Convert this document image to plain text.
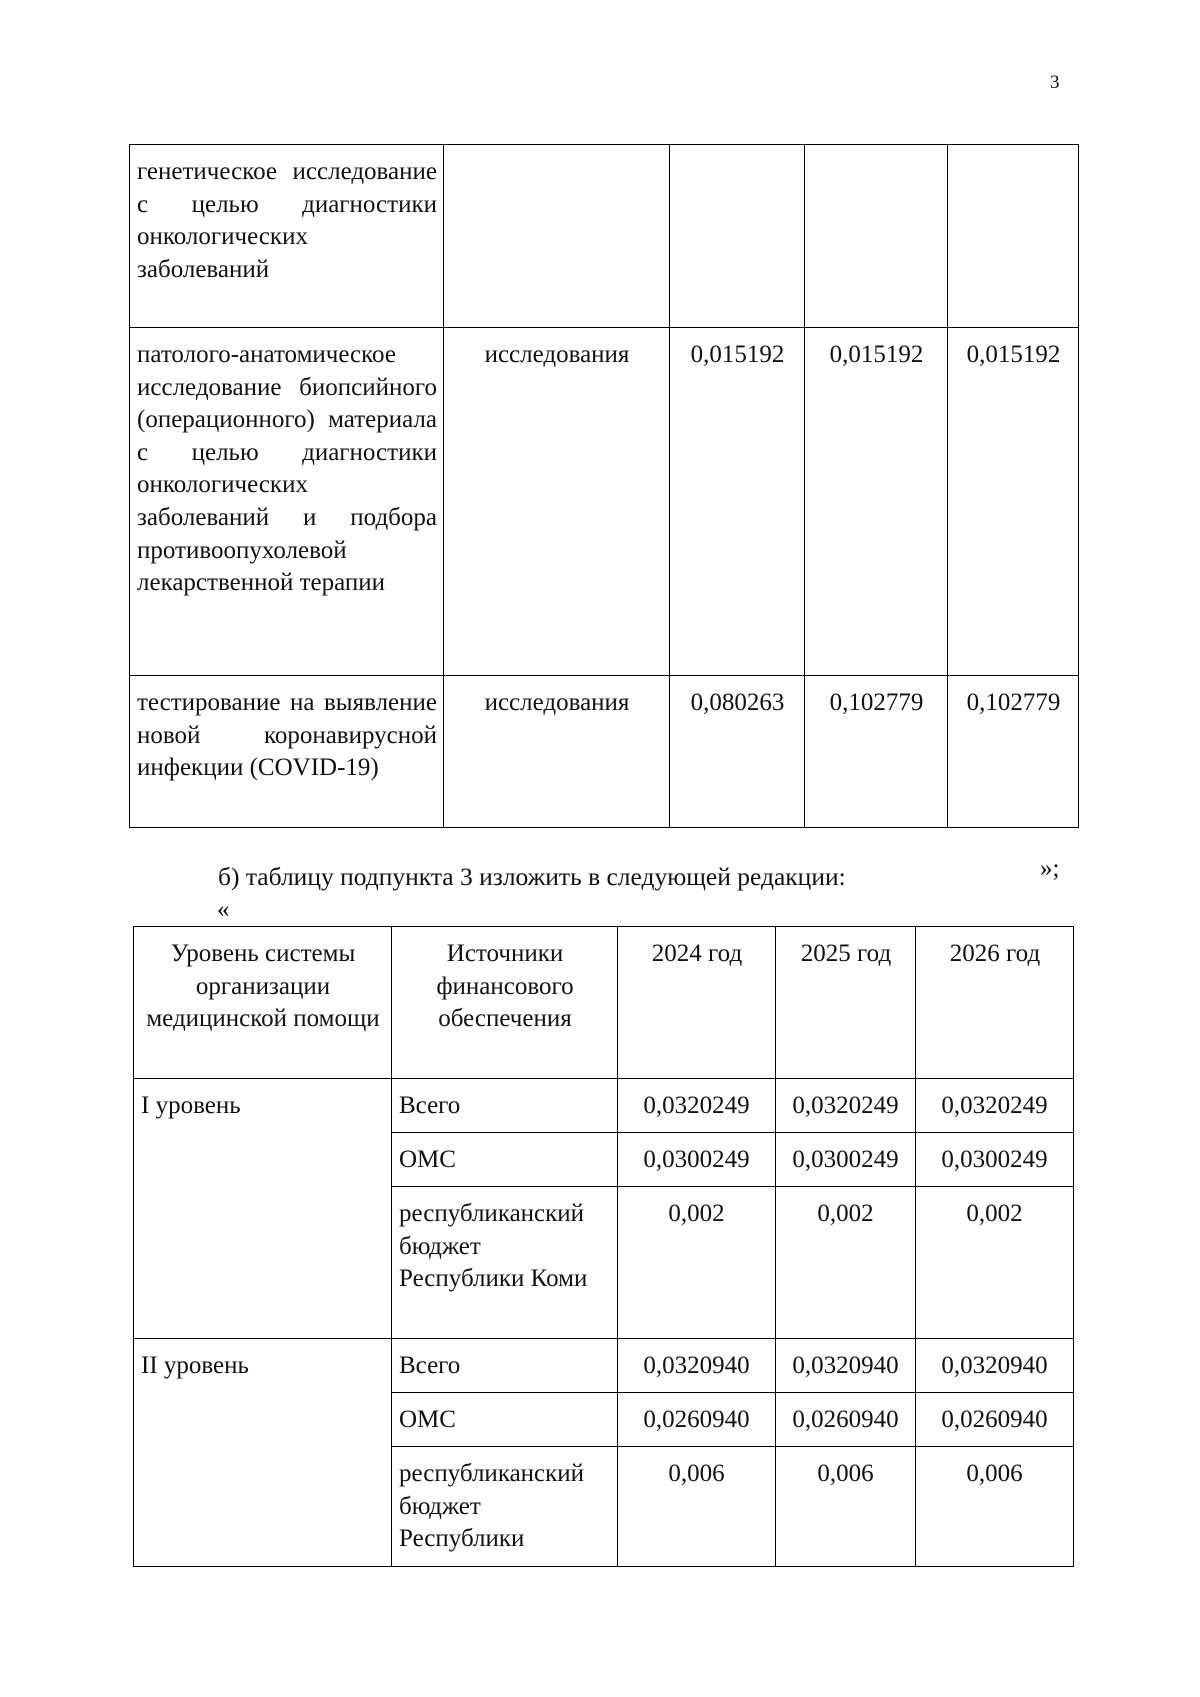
3
генетическое исследование с целью диагностики онкологических заболеваний				
патолого-анатомическое исследование биопсийного (операционного) материала с целью диагностики онкологических заболеваний и подбора противоопухолевой лекарственной терапии	исследования	0,015192	0,015192	0,015192
тестирование на выявление новой коронавирусной инфекции (COVID-19)	исследования	0,080263	0,102779	0,102779
»;
б) таблицу подпункта 3 изложить в следующей редакции:
«
Уровень системы организации медицинской помощи	Источники финансового обеспечения	2024 год	2025 год	2026 год
I уровень	Всего	0,0320249	0,0320249	0,0320249
	ОМС	0,0300249	0,0300249	0,0300249
	республиканский бюджет Республики Коми	0,002	0,002	0,002
II уровень	Всего	0,0320940	0,0320940	0,0320940
	ОМС	0,0260940	0,0260940	0,0260940
	республиканский бюджет Республики	0,006	0,006	0,006
